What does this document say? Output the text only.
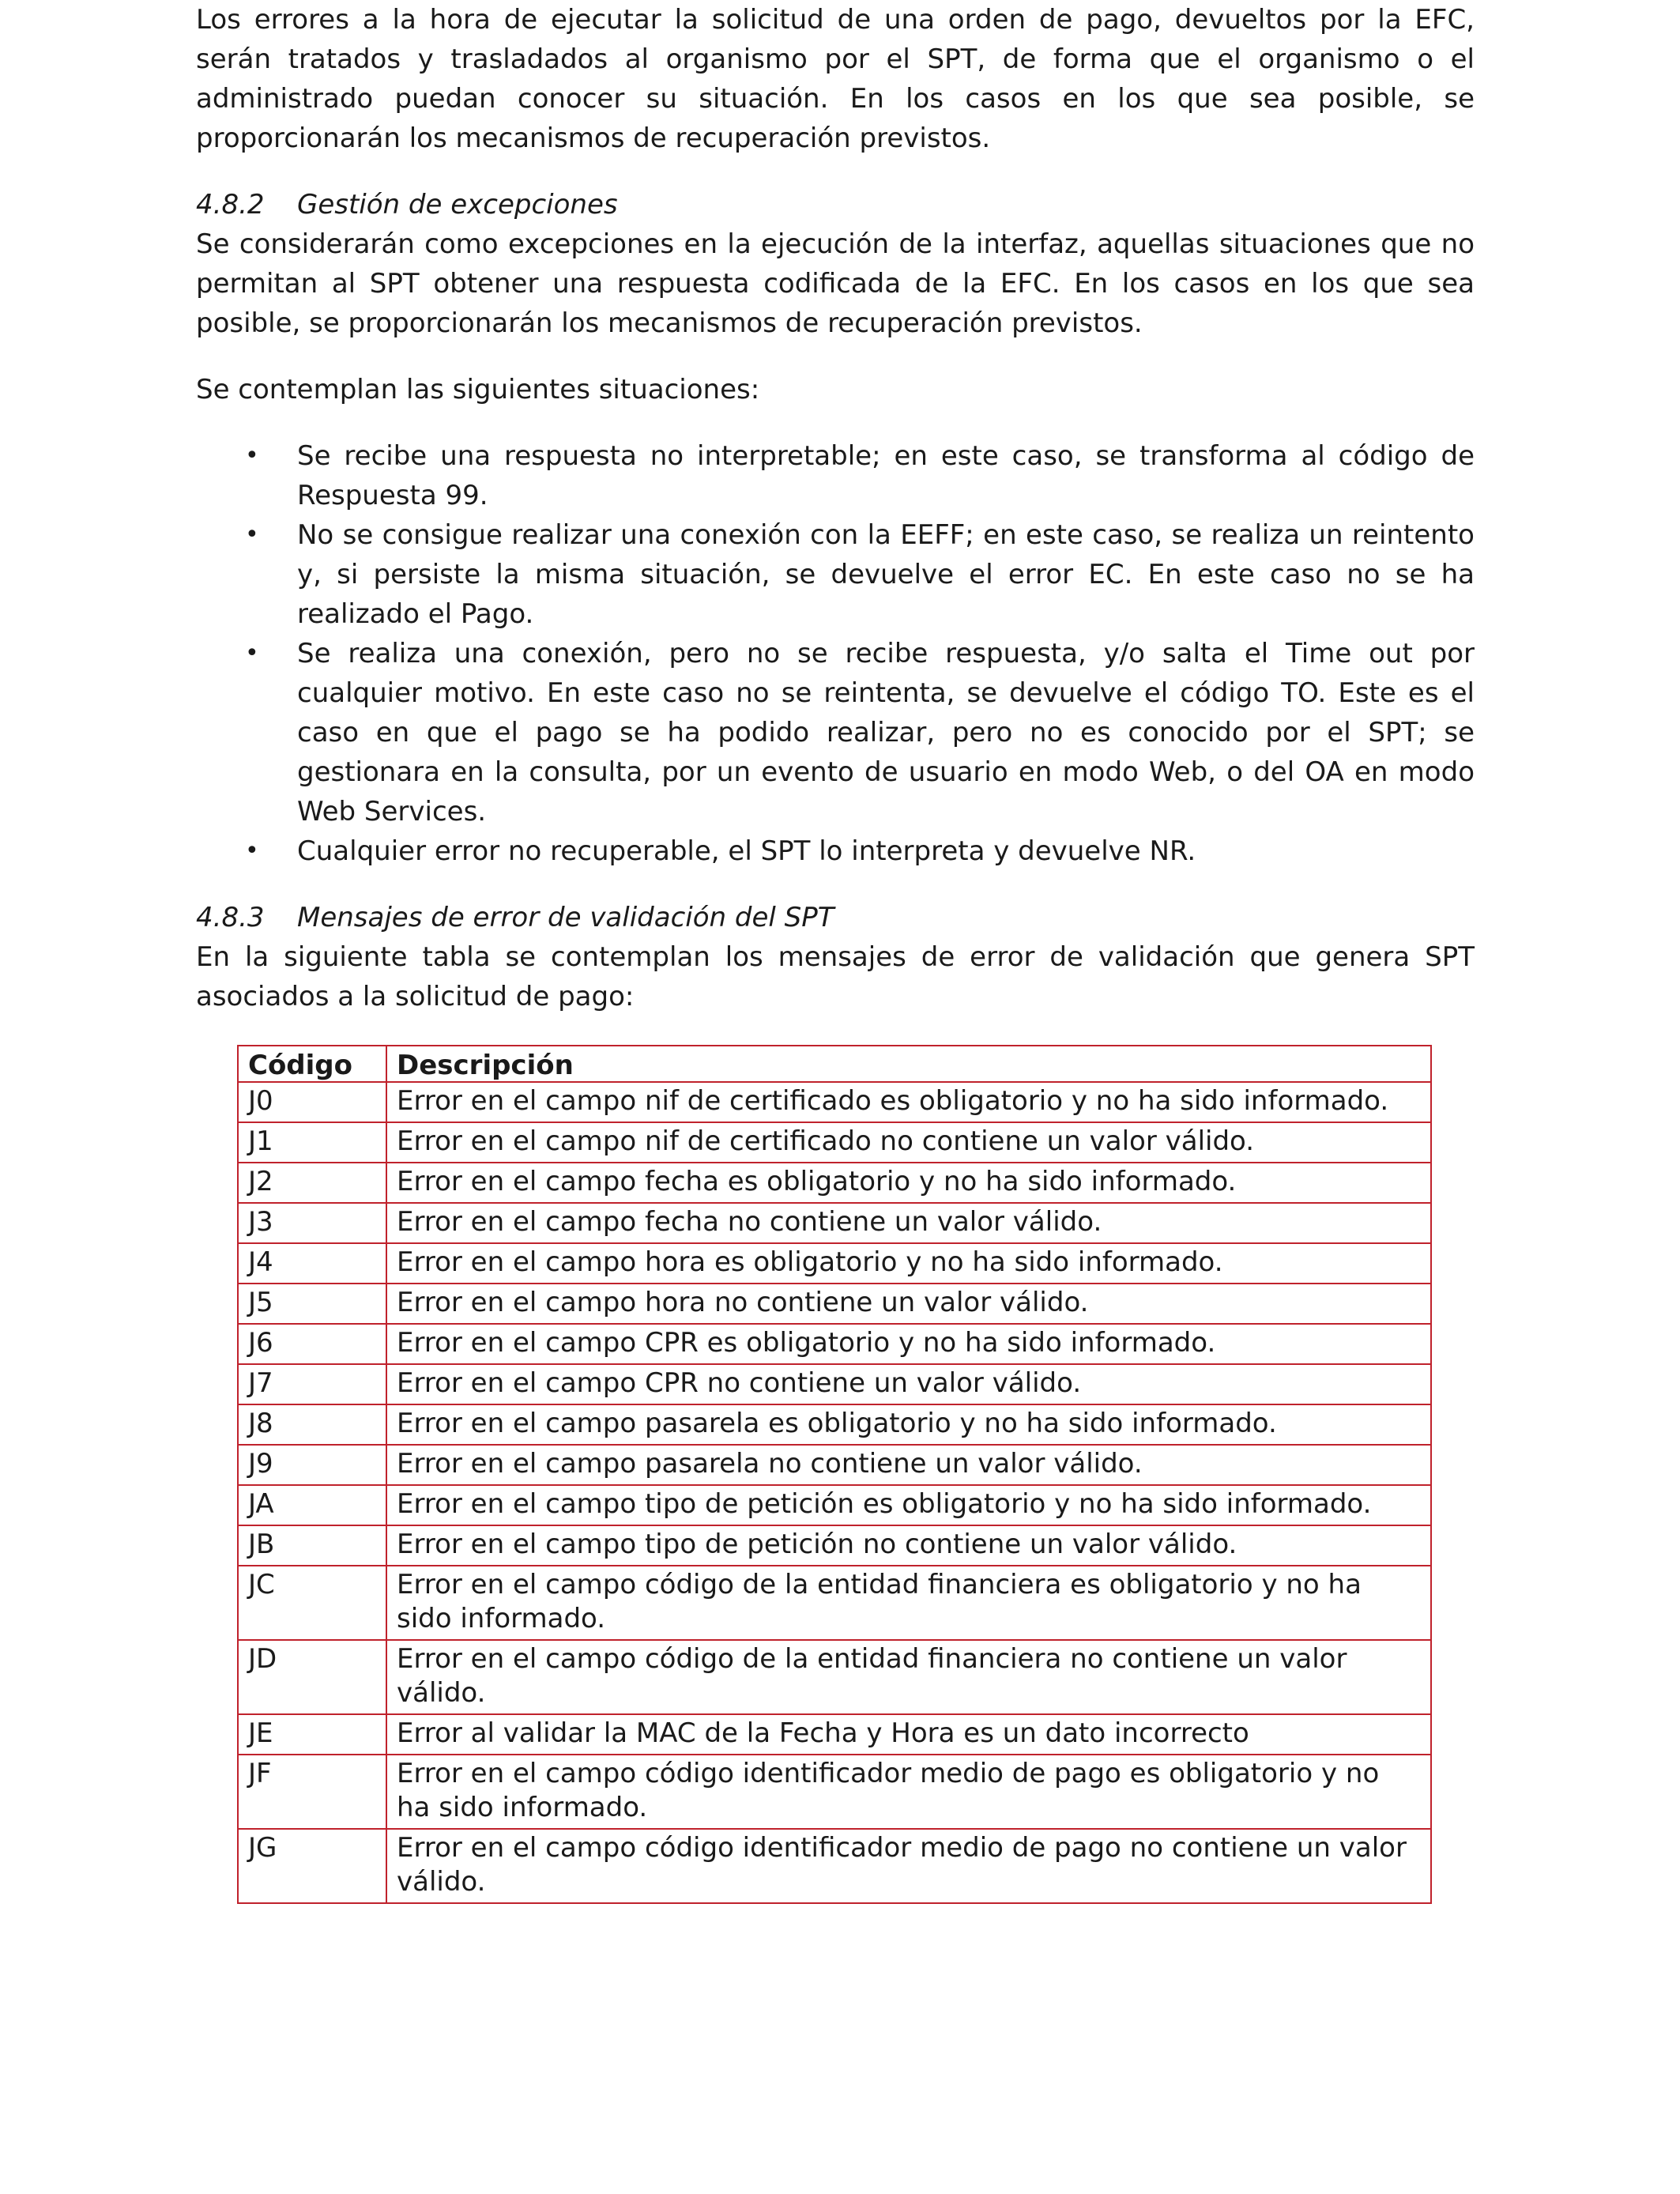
Los errores a la hora de ejecutar la solicitud de una orden de pago, devueltos por la EFC, serán tratados y trasladados al organismo por el SPT, de forma que el organismo o el administrado puedan conocer su situación. En los casos en los que sea posible, se proporcionarán los mecanismos de recuperación previstos.

4.8.2 Gestión de excepciones

Se considerarán como excepciones en la ejecución de la interfaz, aquellas situaciones que no permitan al SPT obtener una respuesta codificada de la EFC. En los casos en los que sea posible, se proporcionarán los mecanismos de recuperación previstos.

Se contemplan las siguientes situaciones:

• Se recibe una respuesta no interpretable; en este caso, se transforma al código de Respuesta 99.
• No se consigue realizar una conexión con la EEFF; en este caso, se realiza un reintento y, si persiste la misma situación, se devuelve el error EC. En este caso no se ha realizado el Pago.
• Se realiza una conexión, pero no se recibe respuesta, y/o salta el Time out por cualquier motivo. En este caso no se reintenta, se devuelve el código TO. Este es el caso en que el pago se ha podido realizar, pero no es conocido por el SPT; se gestionara en la consulta, por un evento de usuario en modo Web, o del OA en modo Web Services.
• Cualquier error no recuperable, el SPT lo interpreta y devuelve NR.

4.8.3 Mensajes de error de validación del SPT

En la siguiente tabla se contemplan los mensajes de error de validación que genera SPT asociados a la solicitud de pago:

Código	Descripción
J0	Error en el campo nif de certificado es obligatorio y no ha sido informado.
J1	Error en el campo nif de certificado no contiene un valor válido.
J2	Error en el campo fecha es obligatorio y no ha sido informado.
J3	Error en el campo fecha no contiene un valor válido.
J4	Error en el campo hora es obligatorio y no ha sido informado.
J5	Error en el campo hora no contiene un valor válido.
J6	Error en el campo CPR es obligatorio y no ha sido informado.
J7	Error en el campo CPR no contiene un valor válido.
J8	Error en el campo pasarela es obligatorio y no ha sido informado.
J9	Error en el campo pasarela no contiene un valor válido.
JA	Error en el campo tipo de petición es obligatorio y no ha sido informado.
JB	Error en el campo tipo de petición no contiene un valor válido.
JC	Error en el campo código de la entidad financiera es obligatorio y no ha sido informado.
JD	Error en el campo código de la entidad financiera no contiene un valor válido.
JE	Error al validar la MAC de la Fecha y Hora es un dato incorrecto
JF	Error en el campo código identificador medio de pago es obligatorio y no ha sido informado.
JG	Error en el campo código identificador medio de pago no contiene un valor válido.
